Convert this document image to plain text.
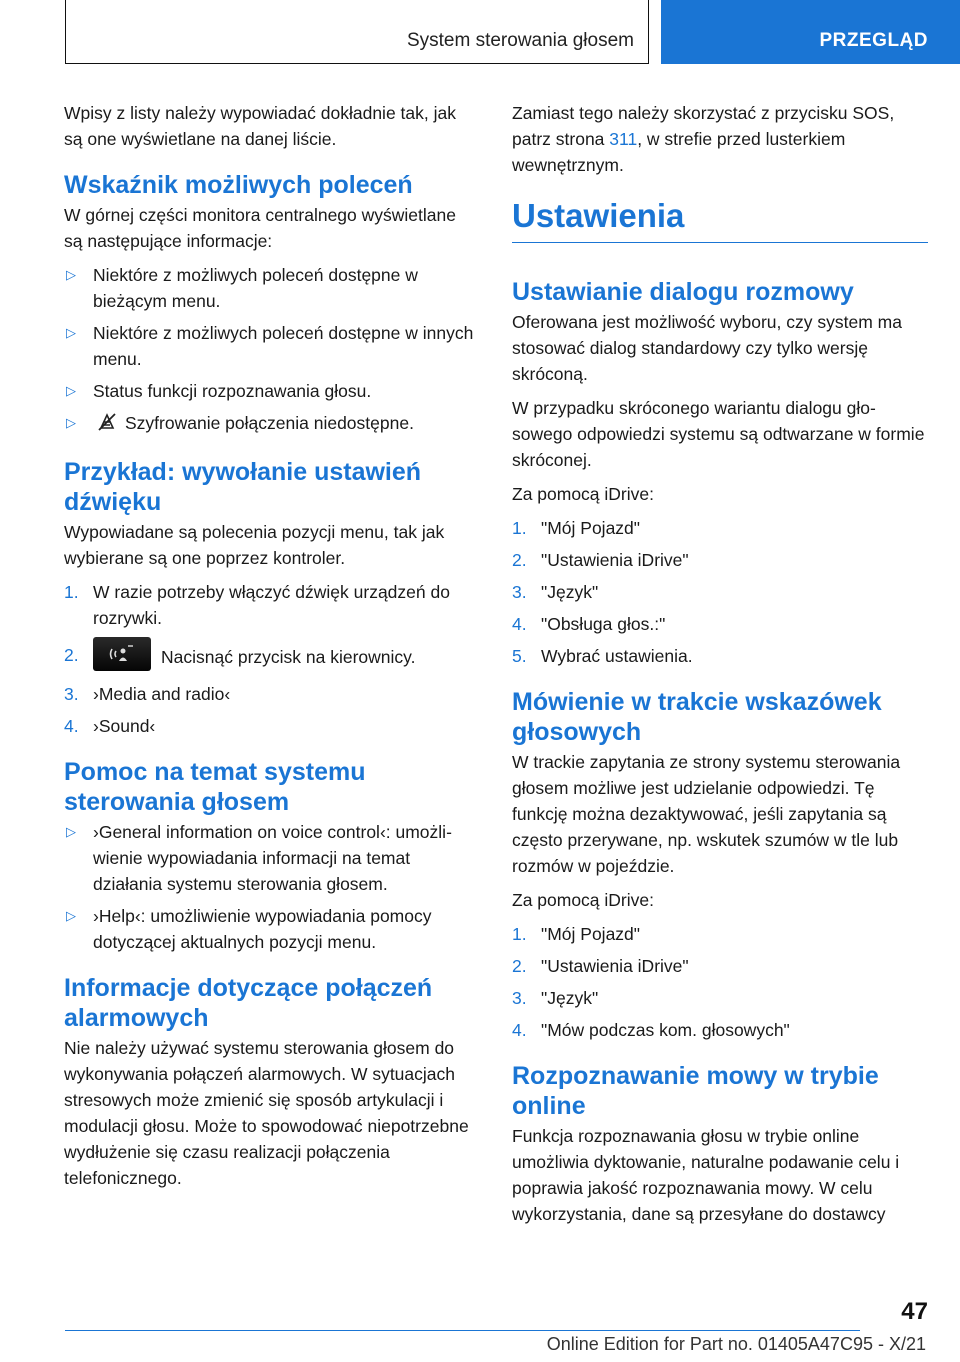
System sterowania głosem	PRZEGLĄD

Wpisy z listy należy wypowiadać dokładnie tak, jak są one wyświetlane na danej liście.

Wskaźnik możliwych poleceń

W górnej części monitora centralnego wyświetlane są następujące informacje:

▷ Niektóre z możliwych poleceń dostępne w bieżącym menu.
▷ Niektóre z możliwych poleceń dostępne w innych menu.
▷ Status funkcji rozpoznawania głosu.
▷	Szyfrowanie połączenia niedostępne.
Przykład: wywołanie ustawień dźwięku

Wypowiadane są polecenia pozycji menu, tak jak wybierane są one poprzez kontroler.

1. W razie potrzeby włączyć dźwięk urządzeń do rozrywki.
2.	Nacisnąć przycisk na kierownicy.
3. ›Media and radio‹
4. ›Sound‹
Pomoc na temat systemu sterowania głosem
▷ ›General information on voice control‹: umożliwienie wypowiadania informacji na temat działania systemu sterowania głosem.
▷ ›Help‹: umożliwienie wypowiadania pomocy dotyczącej aktualnych pozycji menu.
Informacje dotyczące połączeń alarmowych

Nie należy używać systemu sterowania głosem do wykonywania połączeń alarmowych. W sytuacjach stresowych może zmienić się sposób artykulacji i modulacji głosu. Może to spowodować niepotrzebne wydłużenie się czasu realizacji połączenia telefonicznego.

Zamiast tego należy skorzystać z przycisku SOS, patrz strona 311, w strefie przed lusterkiem wewnętrznym.

Ustawienia
Ustawianie dialogu rozmowy

Oferowana jest możliwość wyboru, czy system ma stosować dialog standardowy czy tylko wersję skróconą.

W przypadku skróconego wariantu dialogu głosowego odpowiedzi systemu są odtwarzane w formie skróconej.

Za pomocą iDrive:

1. "Mój Pojazd"
2. "Ustawienia iDrive"
3. "Język"
4. "Obsługa głos.:"
5. Wybrać ustawienia.
Mówienie w trakcie wskazówek głosowych

W trackie zapytania ze strony systemu sterowania głosem możliwe jest udzielanie odpowiedzi. Tę funkcję można dezaktywować, jeśli zapytania są często przerywane, np. wskutek szumów w tle lub rozmów w pojeździe.

Za pomocą iDrive:

1. "Mój Pojazd"
2. "Ustawienia iDrive"
3. "Język"
4. "Mów podczas kom. głosowych"
Rozpoznawanie mowy w trybie online

Funkcja rozpoznawania głosu w trybie online umożliwia dyktowanie, naturalne podawanie celu i poprawia jakość rozpoznawania mowy. W celu wykorzystania, dane są przesyłane do dostawcy

47
Online Edition for Part no. 01405A47C95 - X/21
